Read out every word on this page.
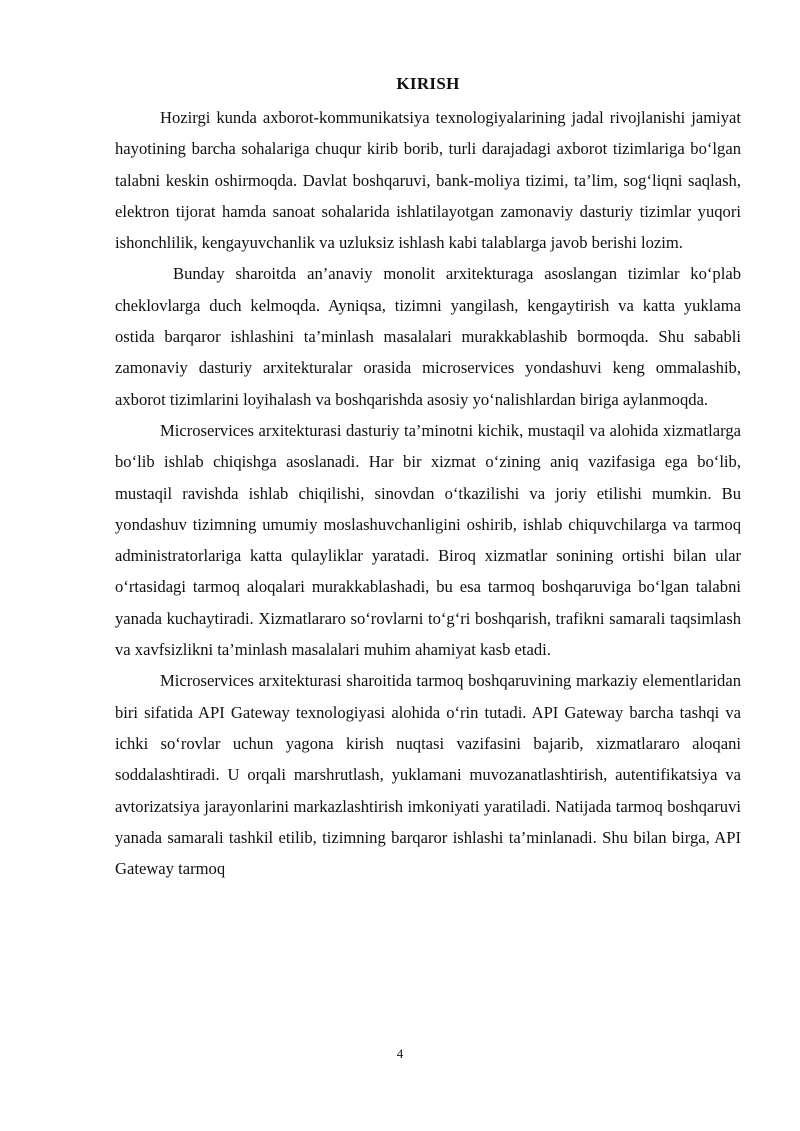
KIRISH

Hozirgi kunda axborot-kommunikatsiya texnologiyalarining jadal rivojlanishi jamiyat hayotining barcha sohalariga chuqur kirib borib, turli darajadagi axborot tizimlariga bo‘lgan talabni keskin oshirmoqda. Davlat boshqaruvi, bank-moliya tizimi, ta’lim, sog‘liqni saqlash, elektron tijorat hamda sanoat sohalarida ishlatilayotgan zamonaviy dasturiy tizimlar yuqori ishonchlilik, kengayuvchanlik va uzluksiz ishlash kabi talablarga javob berishi lozim.

Bunday sharoitda an’anaviy monolit arxitekturaga asoslangan tizimlar ko‘plab cheklovlarga duch kelmoqda. Ayniqsa, tizimni yangilash, kengaytirish va katta yuklama ostida barqaror ishlashini ta’minlash masalalari murakkablashib bormoqda. Shu sababli zamonaviy dasturiy arxitekturalar orasida microservices yondashuvi keng ommalashib, axborot tizimlarini loyihalash va boshqarishda asosiy yo‘nalishlardan biriga aylanmoqda.

Microservices arxitekturasi dasturiy ta’minotni kichik, mustaqil va alohida xizmatlarga bo‘lib ishlab chiqishga asoslanadi. Har bir xizmat o‘zining aniq vazifasiga ega bo‘lib, mustaqil ravishda ishlab chiqilishi, sinovdan o‘tkazilishi va joriy etilishi mumkin. Bu yondashuv tizimning umumiy moslashuvchanligini oshirib, ishlab chiquvchilarga va tarmoq administratorlariga katta qulayliklar yaratadi. Biroq xizmatlar sonining ortishi bilan ular o‘rtasidagi tarmoq aloqalari murakkablashadi, bu esa tarmoq boshqaruviga bo‘lgan talabni yanada kuchaytiradi. Xizmatlararo so‘rovlarni to‘g‘ri boshqarish, trafikni samarali taqsimlash va xavfsizlikni ta’minlash masalalari muhim ahamiyat kasb etadi.

Microservices arxitekturasi sharoitida tarmoq boshqaruvining markaziy elementlaridan biri sifatida API Gateway texnologiyasi alohida o‘rin tutadi. API Gateway barcha tashqi va ichki so‘rovlar uchun yagona kirish nuqtasi vazifasini bajarib, xizmatlararo aloqani soddalashtiradi. U orqali marshrutlash, yuklamani muvozanatlashtirish, autentifikatsiya va avtorizatsiya jarayonlarini markazlashtirish imkoniyati yaratiladi. Natijada tarmoq boshqaruvi yanada samarali tashkil etilib, tizimning barqaror ishlashi ta’minlanadi. Shu bilan birga, API Gateway tarmoq

4
